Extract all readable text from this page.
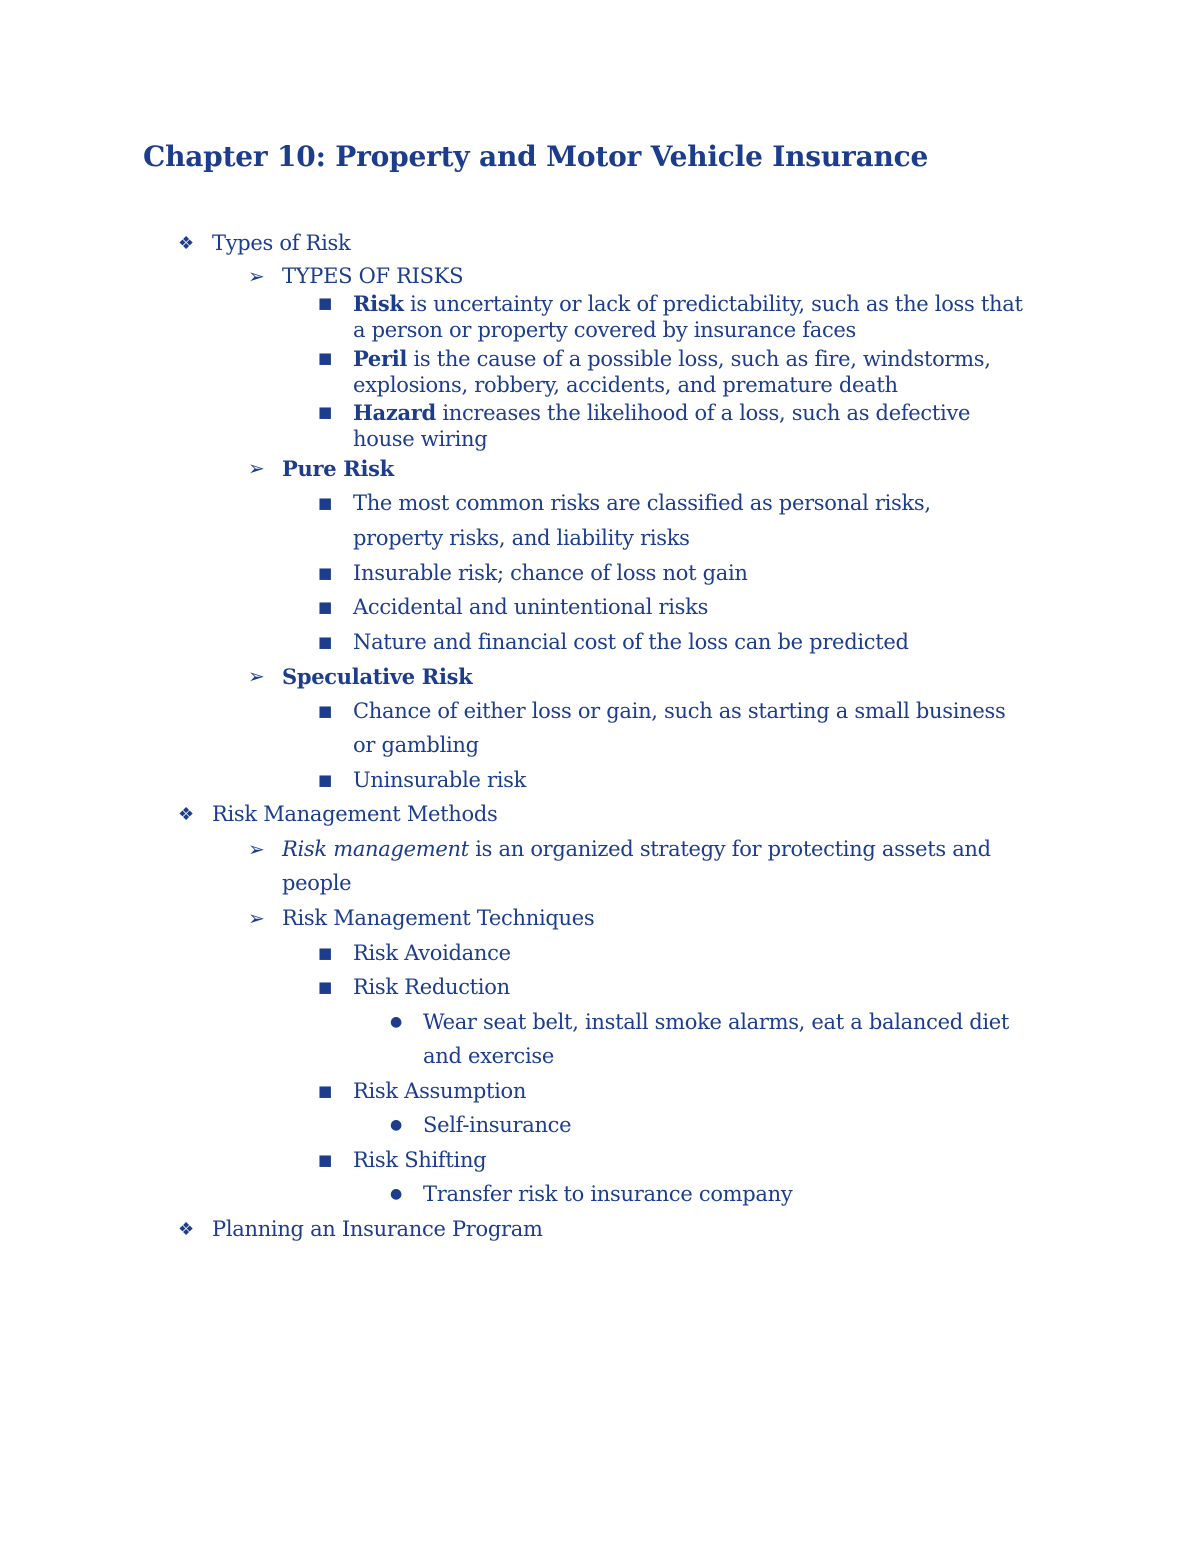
Chapter 10: Property and Motor Vehicle Insurance
❖ Types of Risk
➢ TYPES OF RISKS
■ Risk is uncertainty or lack of predictability, such as the loss that
a person or property covered by insurance faces
■ Peril is the cause of a possible loss, such as fire, windstorms,
explosions, robbery, accidents, and premature death
■ Hazard increases the likelihood of a loss, such as defective
house wiring
➢ Pure Risk
■ The most common risks are classified as personal risks,
property risks, and liability risks
■ Insurable risk; chance of loss not gain
■ Accidental and unintentional risks
■ Nature and financial cost of the loss can be predicted
➢ Speculative Risk
■ Chance of either loss or gain, such as starting a small business
or gambling
■ Uninsurable risk
❖ Risk Management Methods
➢ Risk management is an organized strategy for protecting assets and
people
➢ Risk Management Techniques
■ Risk Avoidance
■ Risk Reduction
● Wear seat belt, install smoke alarms, eat a balanced diet
and exercise
■ Risk Assumption
● Self-insurance
■ Risk Shifting
● Transfer risk to insurance company
❖ Planning an Insurance Program
